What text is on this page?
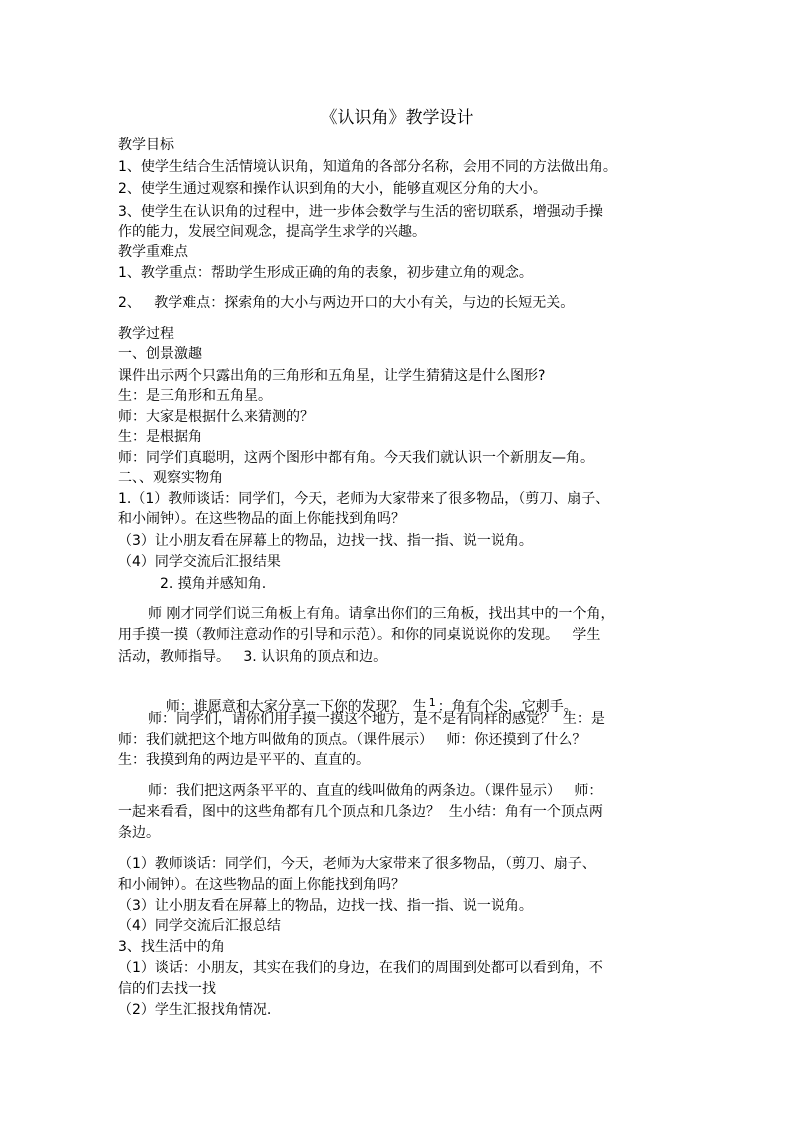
《认识角》教学设计
教学目标
1、使学生结合生活情境认识角，知道角的各部分名称，会用不同的方法做出角。
2、使学生通过观察和操作认识到角的大小，能够直观区分角的大小。
3、使学生在认识角的过程中，进一步体会数学与生活的密切联系，增强动手操
作的能力，发展空间观念，提高学生求学的兴趣。
教学重难点
1、教学重点：帮助学生形成正确的角的表象，初步建立角的观念。
2、   教学难点：探索角的大小与两边开口的大小有关，与边的长短无关。
教学过程
一、创景激趣
课件出示两个只露出角的三角形和五角星，让学生猜猜这是什么图形?
生：是三角形和五角星。
师：大家是根据什么来猜测的？
生：是根据角
师：同学们真聪明，这两个图形中都有角。今天我们就认识一个新朋友—角。
二、、观察实物角
1.（1）教师谈话：同学们，今天，老师为大家带来了很多物品，（剪刀、扇子、
和小闹钟）。在这些物品的面上你能找到角吗？
（3）让小朋友看在屏幕上的物品，边找一找、指一指、说一说角。
（4）同学交流后汇报结果
2. 摸角并感知角.
师 刚才同学们说三角板上有角。请拿出你们的三角板，找出其中的一个角，
用手摸一摸（教师注意动作的引导和示范）。和你的同桌说说你的发现。   学生
活动，教师指导。   3. 认识角的顶点和边。

师：谁愿意和大家分享一下你的发现？  生 $^1$ ：角有个尖，它刺手。

师：同学们，请你们用手摸一摸这个地方，是不是有同样的感觉？  生：是
师：我们就把这个地方叫做角的顶点。（课件展示）   师：你还摸到了什么？
生：我摸到角的两边是平平的、直直的。
师：我们把这两条平平的、直直的线叫做角的两条边。（课件显示）   师：
一起来看看，图中的这些角都有几个顶点和几条边？  生小结：角有一个顶点两
条边。
（1）教师谈话：同学们，今天，老师为大家带来了很多物品，（剪刀、扇子、
和小闹钟）。在这些物品的面上你能找到角吗？
（3）让小朋友看在屏幕上的物品，边找一找、指一指、说一说角。
（4）同学交流后汇报总结
3、找生活中的角
（1）谈话：小朋友，其实在我们的身边，在我们的周围到处都可以看到角，不
信的们去找一找
（2）学生汇报找角情况.
